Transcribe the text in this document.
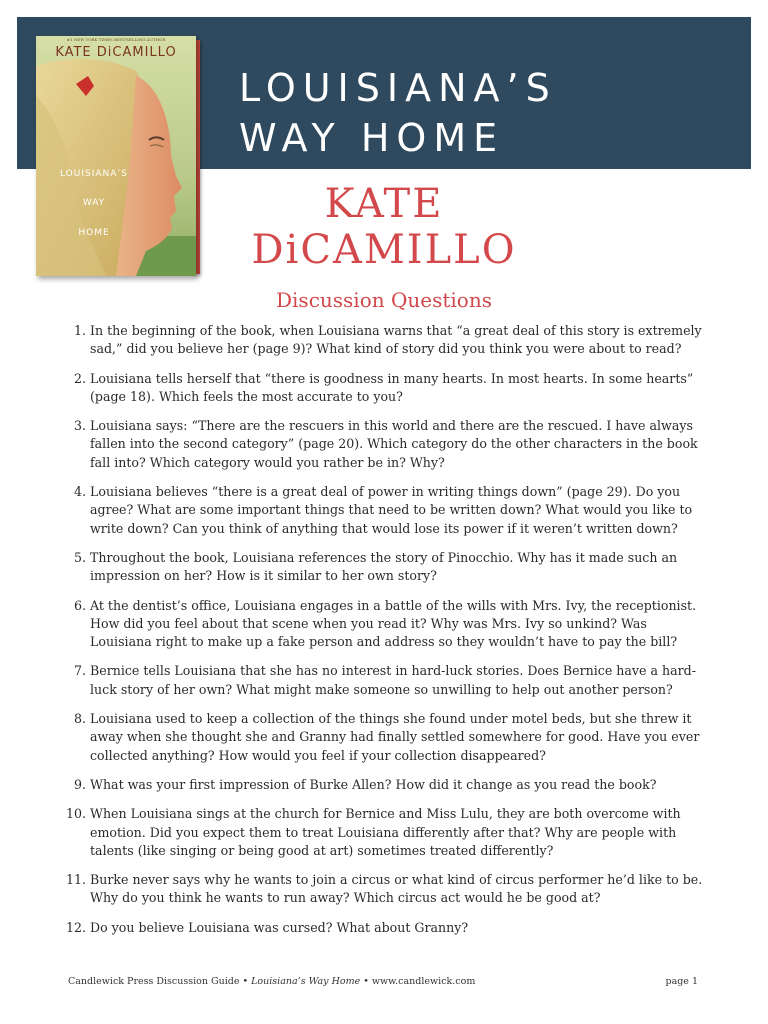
LOUISIANA’S
WAY HOME
#1 NEW YORK TIMES BEST-SELLING AUTHOR
KATE DiCAMILLO
LOUISIANA’S
WAY
HOME
KATE
DiCAMILLO
Discussion Questions
1. In the beginning of the book, when Louisiana warns that “a great deal of this story is extremely sad,” did you believe her (page 9)? What kind of story did you think you were about to read?
2. Louisiana tells herself that “there is goodness in many hearts. In most hearts. In some hearts” (page 18). Which feels the most accurate to you?
3. Louisiana says: “There are the rescuers in this world and there are the rescued. I have always fallen into the second category” (page 20). Which category do the other characters in the book fall into? Which category would you rather be in? Why?
4. Louisiana believes “there is a great deal of power in writing things down” (page 29). Do you agree? What are some important things that need to be written down? What would you like to write down? Can you think of anything that would lose its power if it weren’t written down?
5. Throughout the book, Louisiana references the story of Pinocchio. Why has it made such an impression on her? How is it similar to her own story?
6. At the dentist’s office, Louisiana engages in a battle of the wills with Mrs. Ivy, the receptionist. How did you feel about that scene when you read it? Why was Mrs. Ivy so unkind? Was Louisiana right to make up a fake person and address so they wouldn’t have to pay the bill?
7. Bernice tells Louisiana that she has no interest in hard-luck stories. Does Bernice have a hard-luck story of her own? What might make someone so unwilling to help out another person?
8. Louisiana used to keep a collection of the things she found under motel beds, but she threw it away when she thought she and Granny had finally settled somewhere for good. Have you ever collected anything? How would you feel if your collection disappeared?
9. What was your first impression of Burke Allen? How did it change as you read the book?
10. When Louisiana sings at the church for Bernice and Miss Lulu, they are both overcome with emotion. Did you expect them to treat Louisiana differently after that? Why are people with talents (like singing or being good at art) sometimes treated differently?
11. Burke never says why he wants to join a circus or what kind of circus performer he’d like to be. Why do you think he wants to run away? Which circus act would he be good at?
12. Do you believe Louisiana was cursed? What about Granny?
Candlewick Press Discussion Guide • Louisiana’s Way Home • www.candlewick.com	page 1
